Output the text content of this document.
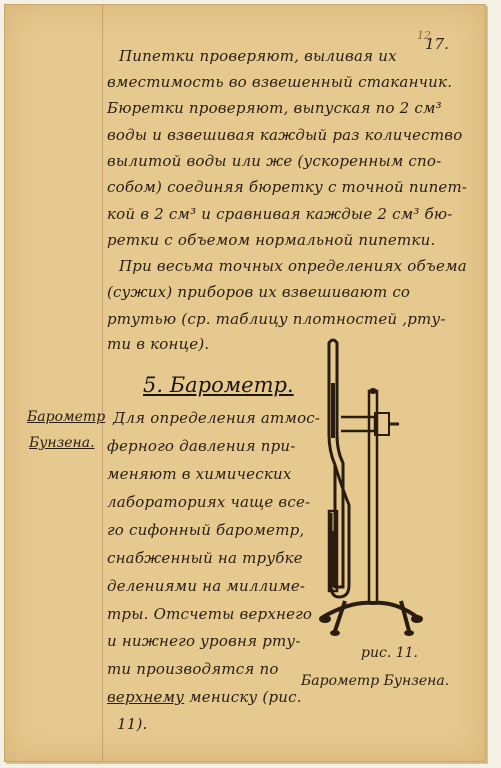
12
17.
Пипетки проверяют, выливая их
вместимость во взвешенный стаканчик.
Бюретки проверяют, выпуская по 2 см³
воды и взвешивая каждый раз количество
вылитой воды или же (ускоренным спо-
собом) соединяя бюретку с точной пипет-
кой в 2 см³ и сравнивая каждые 2 см³ бю-
ретки с объемом нормальной пипетки.
При весьма точных определениях объема
(сужих) приборов их взвешивают со
ртутью (ср. таблицу плотностей ,рту-
ти в конце).
5. Барометр.
Барометр
Бунзена.
Для определения атмос-
ферного давления при-
меняют в химических
лабораториях чаще все-
го сифонный барометр,
снабженный на трубке
делениями на миллиме-
тры. Отсчеты верхнего
и нижнего уровня рту-
ти производятся по
верхнему мениску (рис.
11).
рис. 11.
Барометр Бунзена.
